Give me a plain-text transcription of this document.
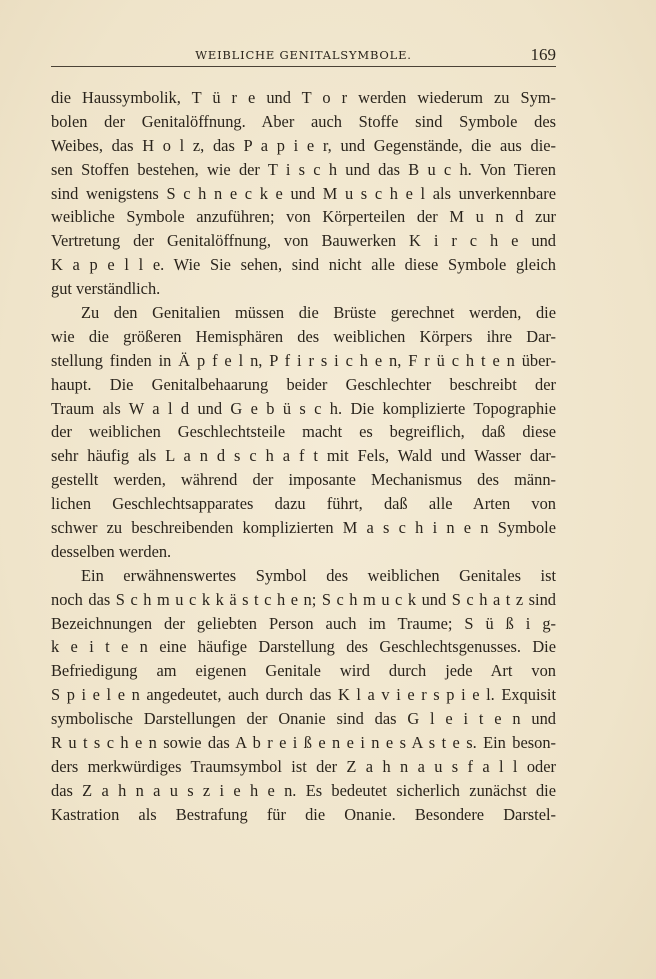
WEIBLICHE GENITALSYMBOLE.	169
die Haussymbolik, T ü r e und T o r werden wiederum zu Sym-
bolen der Genitalöffnung. Aber auch Stoffe sind Symbole des
Weibes, das H o l z, das P a p i e r, und Gegenstände, die aus die-
sen Stoffen bestehen, wie der T i s c h und das B u c h. Von Tieren
sind wenigstens S c h n e c k e und M u s c h e l als unverkennbare
weibliche Symbole anzuführen; von Körperteilen der M u n d zur
Vertretung der Genitalöffnung, von Bauwerken K i r c h e und
K a p e l l e. Wie Sie sehen, sind nicht alle diese Symbole gleich
gut verständlich.
Zu den Genitalien müssen die Brüste gerechnet werden, die
wie die größeren Hemisphären des weiblichen Körpers ihre Dar-
stellung finden in Ä p f e l n, P f i r s i c h e n, F r ü c h t e n über-
haupt. Die Genitalbehaarung beider Geschlechter beschreibt der
Traum als W a l d und G e b ü s c h. Die komplizierte Topographie
der weiblichen Geschlechtsteile macht es begreiflich, daß diese
sehr häufig als L a n d s c h a f t mit Fels, Wald und Wasser dar-
gestellt werden, während der imposante Mechanismus des männ-
lichen Geschlechtsapparates dazu führt, daß alle Arten von
schwer zu beschreibenden komplizierten M a s c h i n e n Symbole
desselben werden.
Ein erwähnenswertes Symbol des weiblichen Genitales ist
noch das S c h m u c k k ä s t c h e n; S c h m u c k und S c h a t z sind
Bezeichnungen der geliebten Person auch im Traume; S ü ß i g-
k e i t e n eine häufige Darstellung des Geschlechtsgenusses. Die
Befriedigung am eigenen Genitale wird durch jede Art von
S p i e l e n angedeutet, auch durch das K l a v i e r s p i e l. Exquisit
symbolische Darstellungen der Onanie sind das G l e i t e n und
R u t s c h e n sowie das A b r e i ß e n e i n e s A s t e s. Ein beson-
ders merkwürdiges Traumsymbol ist der Z a h n a u s f a l l oder
das Z a h n a u s z i e h e n. Es bedeutet sicherlich zunächst die
Kastration als Bestrafung für die Onanie. Besondere Darstel-
